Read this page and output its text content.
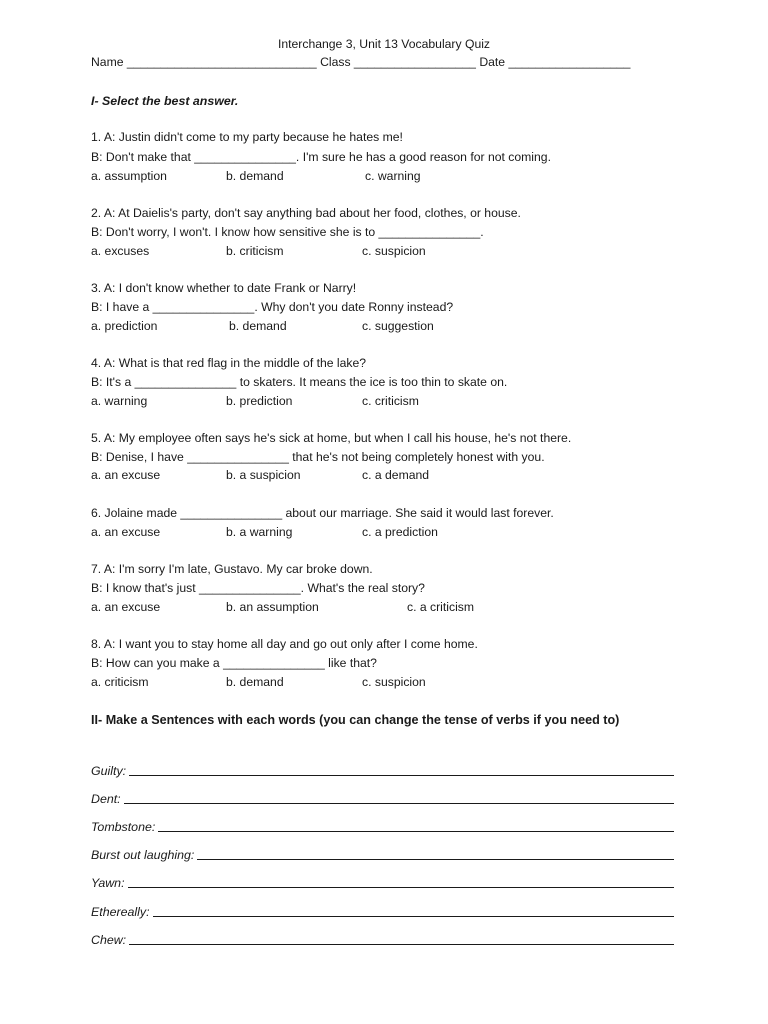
Interchange 3, Unit 13 Vocabulary Quiz
Name ____________________________ Class __________________ Date __________________
I- Select the best answer.
1. A: Justin didn't come to my party because he hates me!
B: Don't make that _______________. I'm sure he has a good reason for not coming.
a. assumption	b. demand	c. warning
2. A: At Daielis's party, don't say anything bad about her food, clothes, or house.
B: Don't worry, I won't. I know how sensitive she is to _______________.
a. excuses	b. criticism	c. suspicion
3. A: I don't know whether to date Frank or Narry!
B: I have a _______________. Why don't you date Ronny instead?
a. prediction	b. demand	c. suggestion
4. A: What is that red flag in the middle of the lake?
B: It's a _______________ to skaters. It means the ice is too thin to skate on.
a. warning	b. prediction	c. criticism
5. A: My employee often says he's sick at home, but when I call his house, he's not there.
B: Denise, I have _______________ that he's not being completely honest with you.
a. an excuse	b. a suspicion	c. a demand
6. Jolaine made _______________ about our marriage. She said it would last forever.
a. an excuse	b. a warning	c. a prediction
7. A: I'm sorry I'm late, Gustavo. My car broke down.
B: I know that's just _______________. What's the real story?
a. an excuse	b. an assumption	c. a criticism
8. A: I want you to stay home all day and go out only after I come home.
B: How can you make a _______________ like that?
a. criticism	b. demand	c. suspicion
II- Make a Sentences with each words (you can change the tense of verbs if you need to)
Guilty:
Dent:
Tombstone:
Burst out laughing:
Yawn:
Ethereally:
Chew:
